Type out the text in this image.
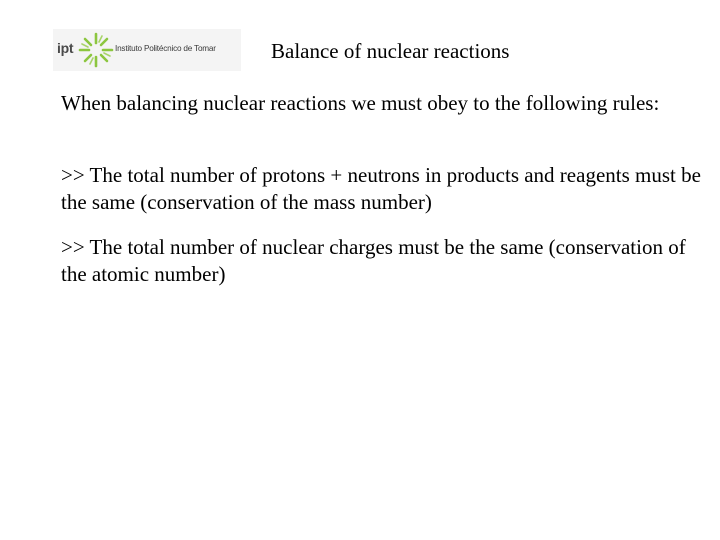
ipt	Instituto Politécnico de Tomar	Balance of nuclear reactions
When balancing nuclear reactions we must obey to the following rules:
>> The total number of protons + neutrons in products and reagents must be the same (conservation of the mass number)
>> The total number of nuclear charges must be the same (conservation of the atomic number)
